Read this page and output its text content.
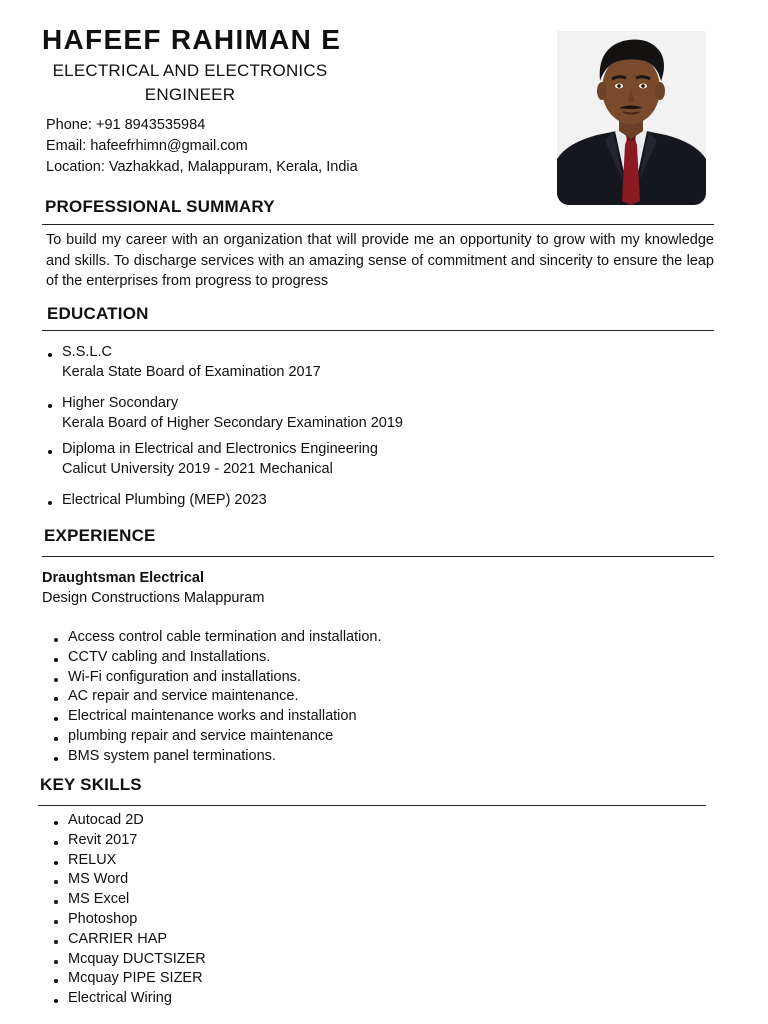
HAFEEF RAHIMAN E
ELECTRICAL AND ELECTRONICS ENGINEER
Phone: +91 8943535984
Email: hafeefrhimn@gmail.com
Location: Vazhakkad, Malappuram, Kerala, India
PROFESSIONAL SUMMARY

To build my career with an organization that will provide me an opportunity to grow with my knowledge and skills. To discharge services with an amazing sense of commitment and sincerity to ensure the leap of the enterprises from progress to progress

EDUCATION
S.S.L.C
Kerala State Board of Examination 2017
Higher Socondary
Kerala Board of Higher Secondary Examination 2019
Diploma in Electrical and Electronics Engineering
Calicut University 2019 - 2021 Mechanical
Electrical Plumbing (MEP) 2023
EXPERIENCE
Draughtsman Electrical
Design Constructions Malappuram
Access control cable termination and installation.
CCTV cabling and Installations.
Wi-Fi configuration and installations.
AC repair and service maintenance.
Electrical maintenance works and installation
plumbing repair and service maintenance
BMS system panel terminations.
KEY SKILLS
Autocad 2D
Revit 2017
RELUX
MS Word
MS Excel
Photoshop
CARRIER HAP
Mcquay DUCTSIZER
Mcquay PIPE SIZER
Electrical Wiring
